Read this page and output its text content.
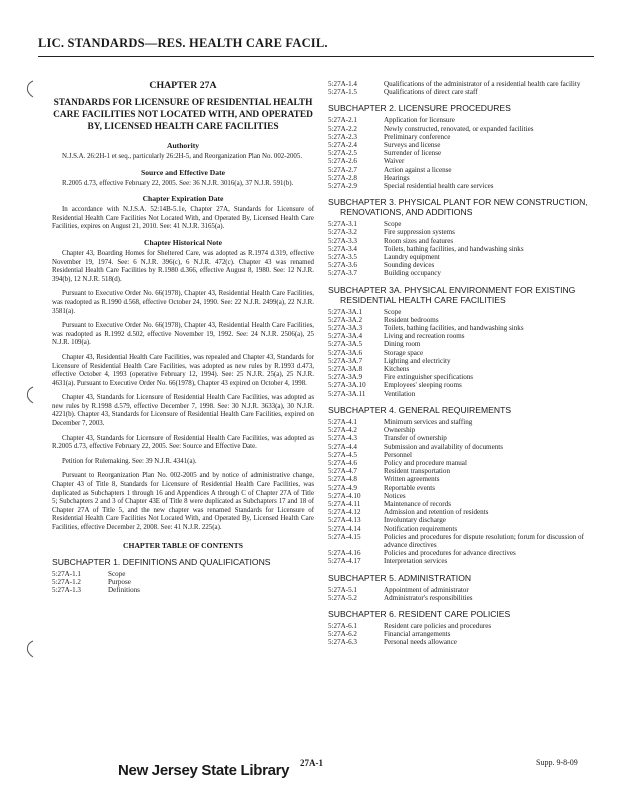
LIC. STANDARDS—RES. HEALTH CARE FACIL.
CHAPTER 27A
STANDARDS FOR LICENSURE OF RESIDENTIAL HEALTH CARE FACILITIES NOT LOCATED WITH, AND OPERATED BY, LICENSED HEALTH CARE FACILITIES
Authority
N.J.S.A. 26:2H-1 et seq., particularly 26:2H-5, and Reorganization Plan No. 002-2005.
Source and Effective Date
R.2005 d.73, effective February 22, 2005. See: 36 N.J.R. 3016(a), 37 N.J.R. 591(b).
Chapter Expiration Date
In accordance with N.J.S.A. 52:14B-5.1e, Chapter 27A, Standards for Licensure of Residential Health Care Facilities Not Located With, and Operated By, Licensed Health Care Facilities, expires on August 21, 2010. See: 41 N.J.R. 3165(a).
Chapter Historical Note
Chapter 43, Boarding Homes for Sheltered Care, was adopted as R.1974 d.319, effective November 19, 1974. See: 6 N.J.R. 396(c), 6 N.J.R. 472(c). Chapter 43 was renamed Residential Health Care Facilities by R.1980 d.366, effective August 8, 1980. See: 12 N.J.R. 394(b), 12 N.J.R. 518(d).
Pursuant to Executive Order No. 66(1978), Chapter 43, Residential Health Care Facilities, was readopted as R.1990 d.568, effective October 24, 1990. See: 22 N.J.R. 2499(a), 22 N.J.R. 3581(a).
Pursuant to Executive Order No. 66(1978), Chapter 43, Residential Health Care Facilities, was readopted as R.1992 d.502, effective November 19, 1992. See: 24 N.J.R. 2506(a), 25 N.J.R. 109(a).
Chapter 43, Residential Health Care Facilities, was repealed and Chapter 43, Standards for Licensure of Residential Health Care Facilities, was adopted as new rules by R.1993 d.473, effective October 4, 1993 (operative February 12, 1994). See: 25 N.J.R. 25(a), 25 N.J.R. 4631(a). Pursuant to Executive Order No. 66(1978), Chapter 43 expired on October 4, 1998.
Chapter 43, Standards for Licensure of Residential Health Care Facilities, was adopted as new rules by R.1998 d.579, effective December 7, 1998. See: 30 N.J.R. 3633(a), 30 N.J.R. 4221(b). Chapter 43, Standards for Licensure of Residential Health Care Facilities, expired on December 7, 2003.
Chapter 43, Standards for Licensure of Residential Health Care Facilities, was adopted as R.2005 d.73, effective February 22, 2005. See: Source and Effective Date.
Petition for Rulemaking. See: 39 N.J.R. 4341(a).
Pursuant to Reorganization Plan No. 002-2005 and by notice of administrative change, Chapter 43 of Title 8, Standards for Licensure of Residential Health Care Facilities, was duplicated as Subchapters 1 through 16 and Appendices A through C of Chapter 27A of Title 5; Subchapters 2 and 3 of Chapter 43E of Title 8 were duplicated as Subchapters 17 and 18 of Chapter 27A of Title 5, and the new chapter was renamed Standards for Licensure of Residential Health Care Facilities Not Located With, and Operated By, Licensed Health Care Facilities, effective December 2, 2008. See: 41 N.J.R. 225(a).
CHAPTER TABLE OF CONTENTS
SUBCHAPTER 1. DEFINITIONS AND QUALIFICATIONS
5:27A-1.1	Scope
5:27A-1.2	Purpose
5:27A-1.3	Definitions
5:27A-1.4	Qualifications of the administrator of a residential health care facility
5:27A-1.5	Qualifications of direct care staff
SUBCHAPTER 2. LICENSURE PROCEDURES
5:27A-2.1	Application for licensure
5:27A-2.2	Newly constructed, renovated, or expanded facilities
5:27A-2.3	Preliminary conference
5:27A-2.4	Surveys and license
5:27A-2.5	Surrender of license
5:27A-2.6	Waiver
5:27A-2.7	Action against a license
5:27A-2.8	Hearings
5:27A-2.9	Special residential health care services
SUBCHAPTER 3. PHYSICAL PLANT FOR NEW CONSTRUCTION, RENOVATIONS, AND ADDITIONS
5:27A-3.1	Scope
5:27A-3.2	Fire suppression systems
5:27A-3.3	Room sizes and features
5:27A-3.4	Toilets, bathing facilities, and handwashing sinks
5:27A-3.5	Laundry equipment
5:27A-3.6	Sounding devices
5:27A-3.7	Building occupancy
SUBCHAPTER 3A. PHYSICAL ENVIRONMENT FOR EXISTING RESIDENTIAL HEALTH CARE FACILITIES
5:27A-3A.1	Scope
5:27A-3A.2	Resident bedrooms
5:27A-3A.3	Toilets, bathing facilities, and handwashing sinks
5:27A-3A.4	Living and recreation rooms
5:27A-3A.5	Dining room
5:27A-3A.6	Storage space
5:27A-3A.7	Lighting and electricity
5:27A-3A.8	Kitchens
5:27A-3A.9	Fire extinguisher specifications
5:27A-3A.10	Employees' sleeping rooms
5:27A-3A.11	Ventilation
SUBCHAPTER 4. GENERAL REQUIREMENTS
5:27A-4.1	Minimum services and staffing
5:27A-4.2	Ownership
5:27A-4.3	Transfer of ownership
5:27A-4.4	Submission and availability of documents
5:27A-4.5	Personnel
5:27A-4.6	Policy and procedure manual
5:27A-4.7	Resident transportation
5:27A-4.8	Written agreements
5:27A-4.9	Reportable events
5:27A-4.10	Notices
5:27A-4.11	Maintenance of records
5:27A-4.12	Admission and retention of residents
5:27A-4.13	Involuntary discharge
5:27A-4.14	Notification requirements
5:27A-4.15	Policies and procedures for dispute resolution; forum for discussion of advance directives
5:27A-4.16	Policies and procedures for advance directives
5:27A-4.17	Interpretation services
SUBCHAPTER 5. ADMINISTRATION
5:27A-5.1	Appointment of administrator
5:27A-5.2	Administrator's responsibilities
SUBCHAPTER 6. RESIDENT CARE POLICIES
5:27A-6.1	Resident care policies and procedures
5:27A-6.2	Financial arrangements
5:27A-6.3	Personal needs allowance
New Jersey State Library 27A-1	Supp. 9-8-09
